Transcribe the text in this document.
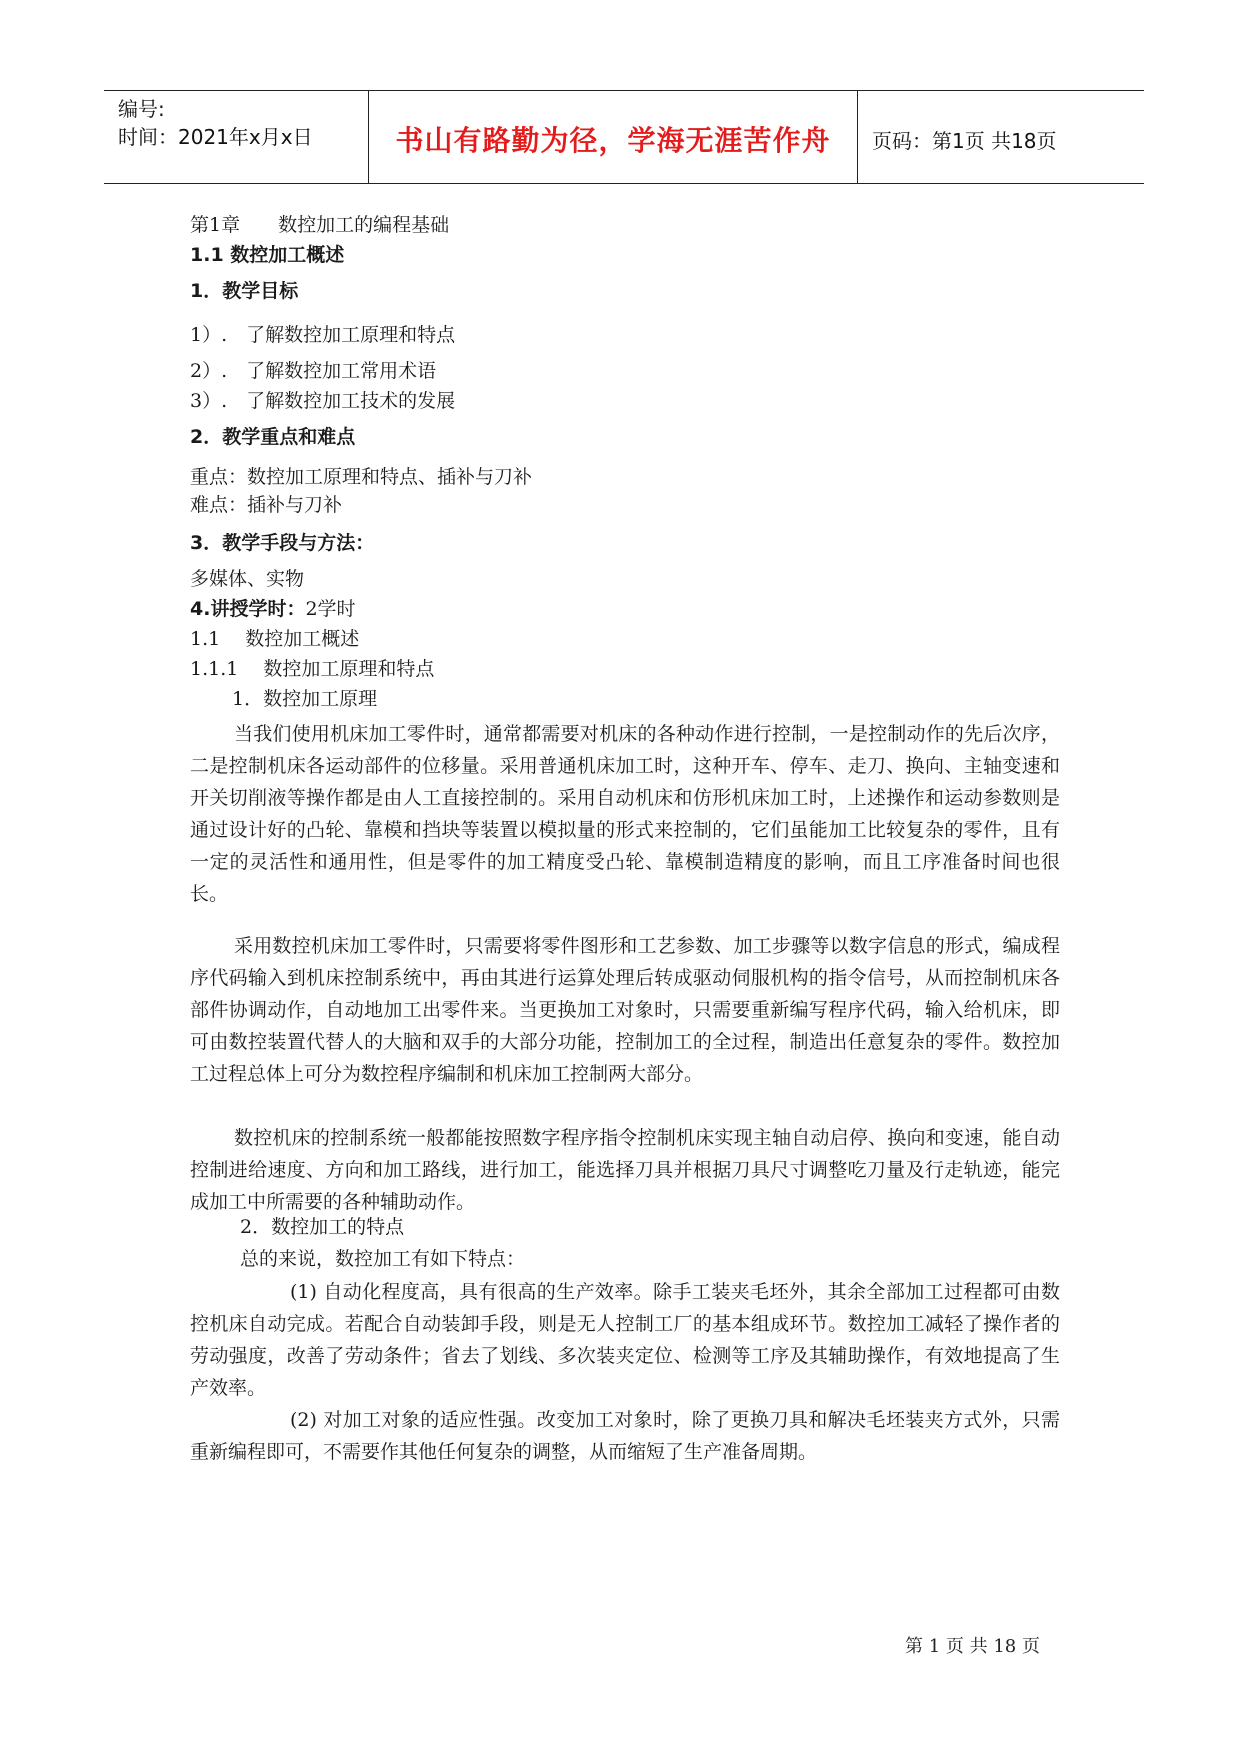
编号:
时间：2021年x月x日	书山有路勤为径，学海无涯苦作舟	页码：第1页 共18页
第1章　　数控加工的编程基础
1.1 数控加工概述
1．教学目标
1）.　了解数控加工原理和特点
2）.　了解数控加工常用术语
3）.　了解数控加工技术的发展
2．教学重点和难点
重点：数控加工原理和特点、插补与刀补
难点：插补与刀补
3．教学手段与方法：
多媒体、实物
4.讲授学时：2学时
1.1　 数控加工概述
1.1.1　 数控加工原理和特点
1．数控加工原理
当我们使用机床加工零件时，通常都需要对机床的各种动作进行控制，一是控制动作的先后次序，二是控制机床各运动部件的位移量。采用普通机床加工时，这种开车、停车、走刀、换向、主轴变速和开关切削液等操作都是由人工直接控制的。采用自动机床和仿形机床加工时，上述操作和运动参数则是通过设计好的凸轮、靠模和挡块等装置以模拟量的形式来控制的，它们虽能加工比较复杂的零件，且有一定的灵活性和通用性，但是零件的加工精度受凸轮、靠模制造精度的影响，而且工序准备时间也很长。
采用数控机床加工零件时，只需要将零件图形和工艺参数、加工步骤等以数字信息的形式，编成程序代码输入到机床控制系统中，再由其进行运算处理后转成驱动伺服机构的指令信号，从而控制机床各部件协调动作，自动地加工出零件来。当更换加工对象时，只需要重新编写程序代码，输入给机床，即可由数控装置代替人的大脑和双手的大部分功能，控制加工的全过程，制造出任意复杂的零件。数控加工过程总体上可分为数控程序编制和机床加工控制两大部分。
数控机床的控制系统一般都能按照数字程序指令控制机床实现主轴自动启停、换向和变速，能自动控制进给速度、方向和加工路线，进行加工，能选择刀具并根据刀具尺寸调整吃刀量及行走轨迹，能完成加工中所需要的各种辅助动作。
2．数控加工的特点
总的来说，数控加工有如下特点：
(1) 自动化程度高，具有很高的生产效率。除手工装夹毛坯外，其余全部加工过程都可由数控机床自动完成。若配合自动装卸手段，则是无人控制工厂的基本组成环节。数控加工减轻了操作者的劳动强度，改善了劳动条件；省去了划线、多次装夹定位、检测等工序及其辅助操作，有效地提高了生产效率。
(2) 对加工对象的适应性强。改变加工对象时，除了更换刀具和解决毛坯装夹方式外，只需重新编程即可，不需要作其他任何复杂的调整，从而缩短了生产准备周期。
第 1 页 共 18 页
